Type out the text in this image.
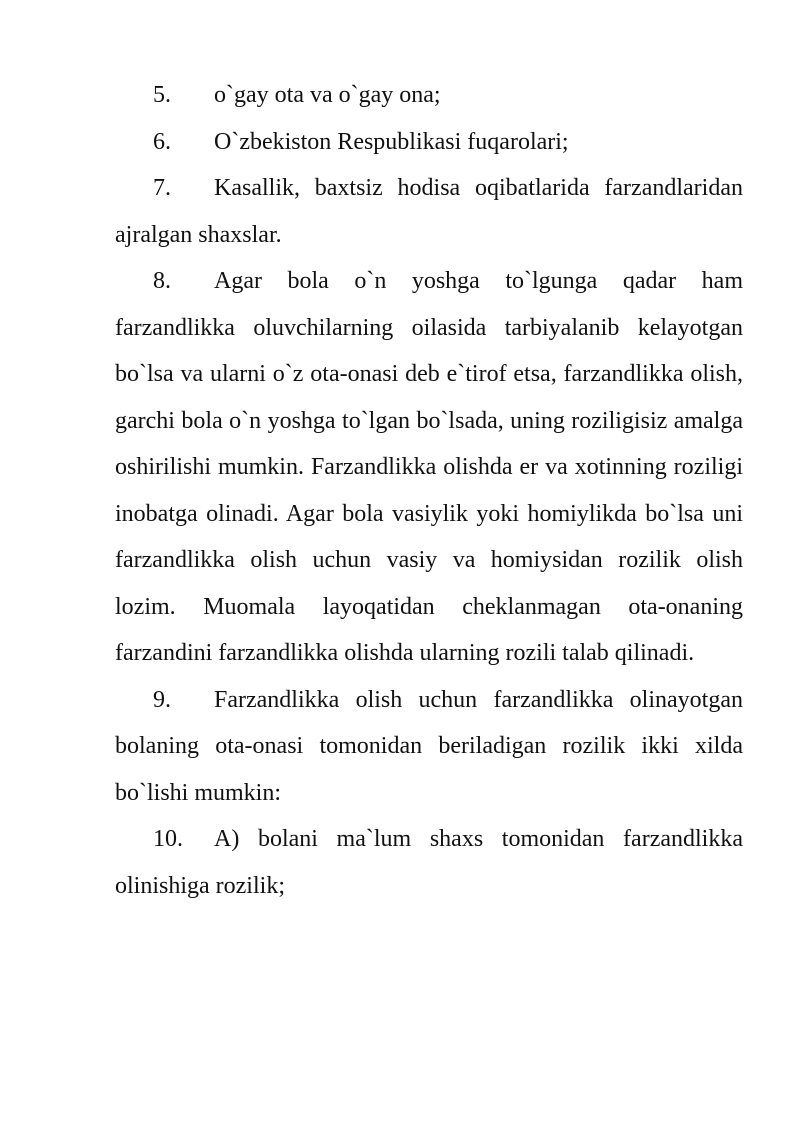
5. o`gay ota va o`gay ona;

6. O`zbekiston Respublikasi fuqarolari;

7. Kasallik, baxtsiz hodisa oqibatlarida farzandlaridan ajralgan shaxslar.

8. Agar bola o`n yoshga to`lgunga qadar ham farzandlikka oluvchilarning oilasida tarbiyalanib kelayotgan bo`lsa va ularni o`z ota-onasi deb e`tirof etsa, farzandlikka olish, garchi bola o`n yoshga to`lgan bo`lsada, uning roziligisiz amalga oshirilishi mumkin. Farzandlikka olishda er va xotinning roziligi inobatga olinadi. Agar bola vasiylik yoki homiylikda bo`lsa uni farzandlikka olish uchun vasiy va homiysidan rozilik olish lozim. Muomala layoqatidan cheklanmagan ota-onaning farzandini farzandlikka olishda ularning rozili talab qilinadi.

9. Farzandlikka olish uchun farzandlikka olinayotgan bolaning ota-onasi tomonidan beriladigan rozilik ikki xilda bo`lishi mumkin:

10. A) bolani ma`lum shaxs tomonidan farzandlikka olinishiga rozilik;
